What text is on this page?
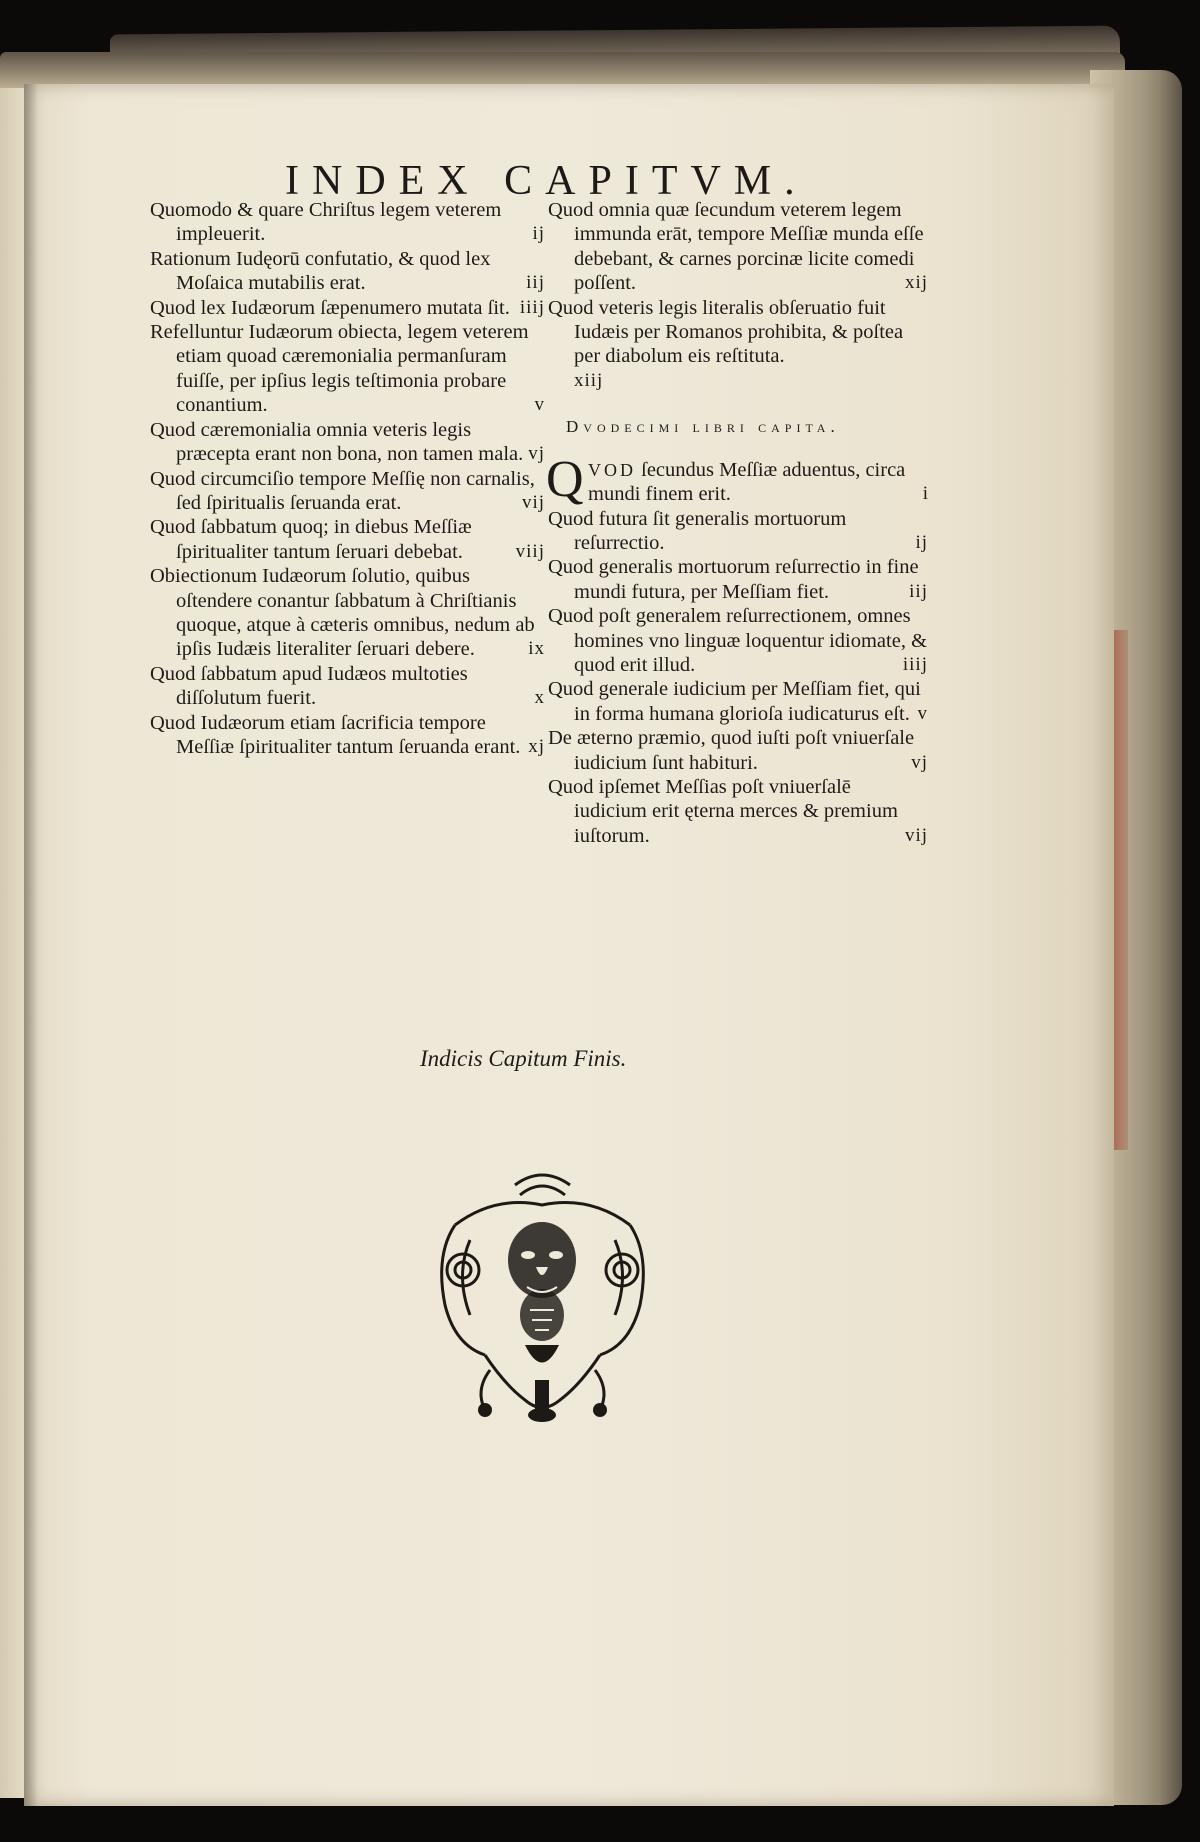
INDEX CAPITVM.

Quomodo & quare Chriſtus legem veterem impleuerit.	ij

Rationum Iudęorū confutatio, & quod lex Moſaica mutabilis erat.	iij

Quod lex Iudæorum ſæpenumero mutata ſit. iiij

Refelluntur Iudæorum obiecta, legem veterem etiam quoad cæremonialia permanſuram fuiſſe, per ipſius legis teſtimonia probare conantium.	v

Quod cæremonialia omnia veteris legis præcepta erant non bona, non tamen mala. vj

Quod circumciſio tempore Meſſię non carnalis, ſed ſpiritualis ſeruanda erat.	vij

Quod ſabbatum quoq; in diebus Meſſiæ ſpiritualiter tantum ſeruari debebat.	viij

Obiectionum Iudæorum ſolutio, quibus oſtendere conantur ſabbatum à Chriſtianis quoque, atque à cæteris omnibus, nedum ab ipſis Iudæis literaliter ſeruari debere.	ix

Quod ſabbatum apud Iudæos multoties diſſolutum fuerit.	x

Quod Iudæorum etiam ſacrificia tempore Meſſiæ ſpiritualiter tantum ſeruanda erant. xj

Quod omnia quæ ſecundum veterem legem immunda erāt, tempore Meſſiæ munda eſſe debebant, & carnes porcinæ licite comedi poſſent.	xij

Quod veteris legis literalis obſeruatio fuit Iudæis per Romanos prohibita, & poſtea per diabolum eis reſtituta.
xiij

Dvodecimi libri capita.

Q VOD ſecundus Meſſiæ aduentus, circa mundi finem erit.	i

Quod futura ſit generalis mortuorum reſurrectio.	ij

Quod generalis mortuorum reſurrectio in fine mundi futura, per Meſſiam fiet.	iij

Quod poſt generalem reſurrectionem, omnes homines vno linguæ loquentur idiomate, & quod erit illud.	iiij

Quod generale iudicium per Meſſiam fiet, qui in forma humana glorioſa iudicaturus eſt. v

De æterno præmio, quod iuſti poſt vniuerſale iudicium ſunt habituri.	vj

Quod ipſemet Meſſias poſt vniuerſalē iudicium erit ęterna merces & premium iuſtorum.	vij

Indicis Capitum Finis.
